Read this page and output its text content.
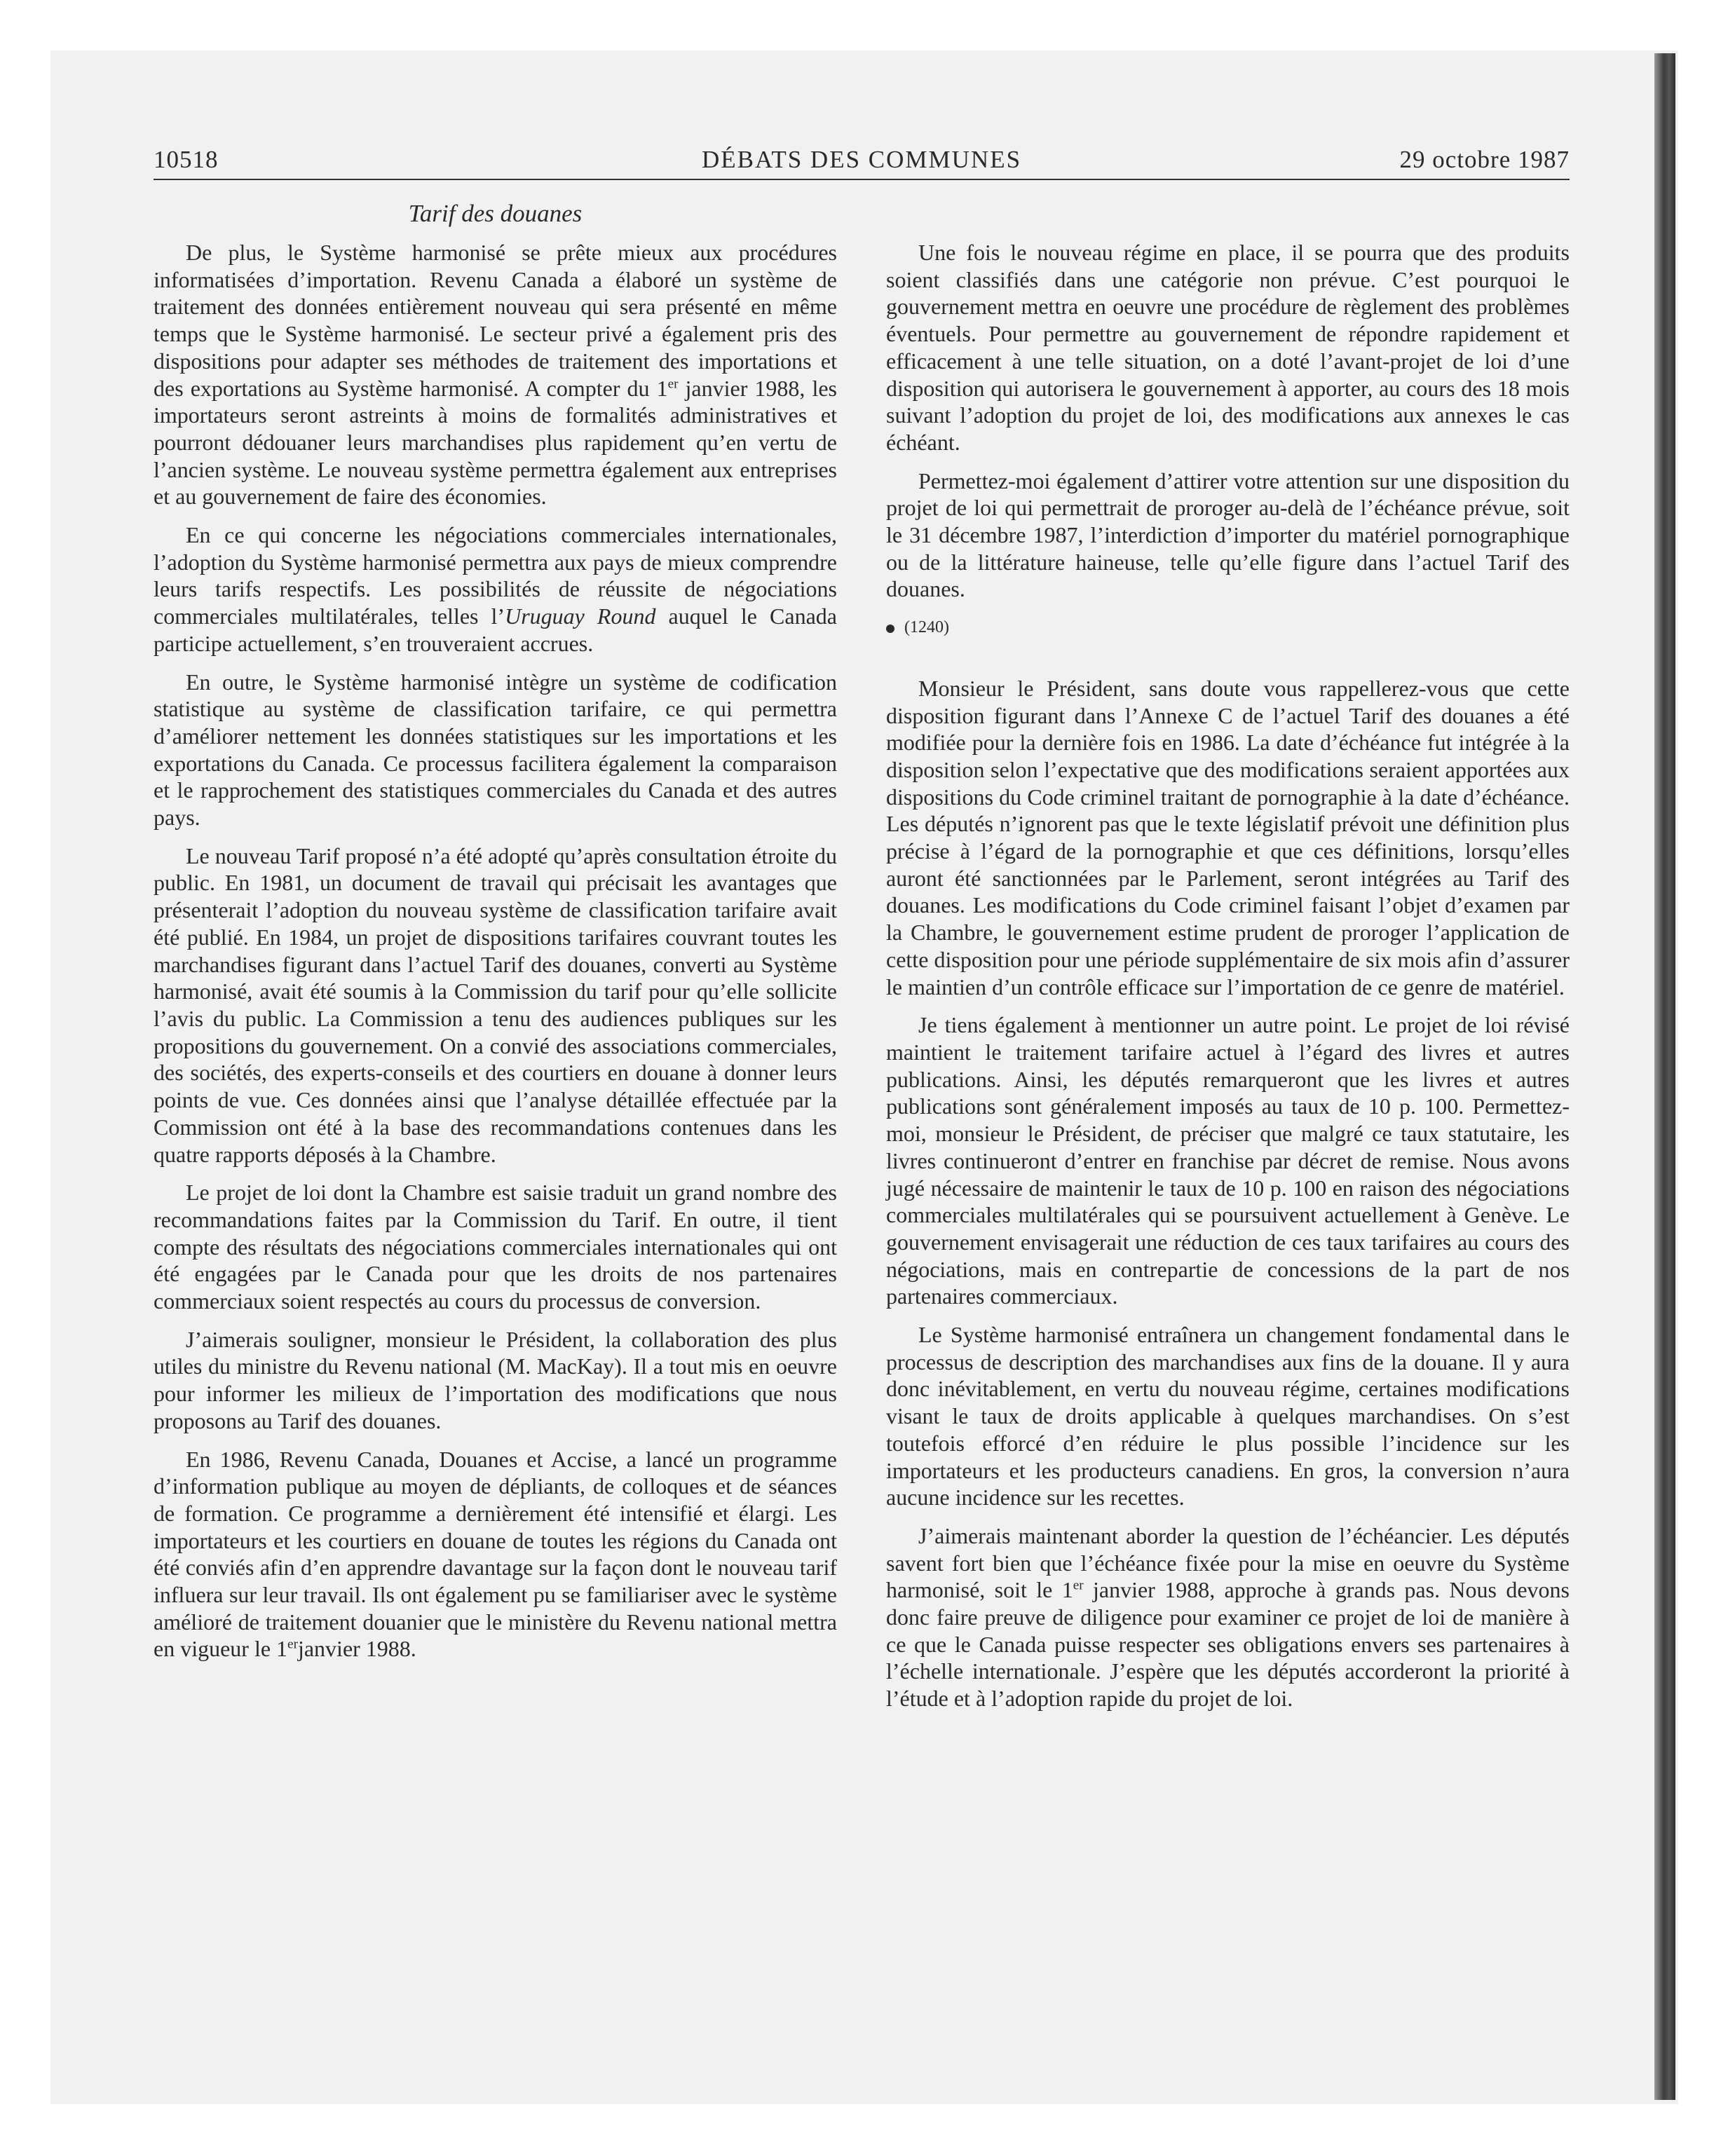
10518	DÉBATS DES COMMUNES	29 octobre 1987
Tarif des douanes

De plus, le Système harmonisé se prête mieux aux procédures informatisées d’importation. Revenu Canada a élaboré un système de traitement des données entièrement nouveau qui sera présenté en même temps que le Système harmonisé. Le secteur privé a également pris des dispositions pour adapter ses méthodes de traitement des importations et des exportations au Système harmonisé. A compter du 1er janvier 1988, les importateurs seront astreints à moins de formalités administratives et pourront dédouaner leurs marchandises plus rapidement qu’en vertu de l’ancien système. Le nouveau système permettra également aux entreprises et au gouvernement de faire des économies.

En ce qui concerne les négociations commerciales internationales, l’adoption du Système harmonisé permettra aux pays de mieux comprendre leurs tarifs respectifs. Les possibilités de réussite de négociations commerciales multilatérales, telles l’Uruguay Round auquel le Canada participe actuellement, s’en trouveraient accrues.

En outre, le Système harmonisé intègre un système de codification statistique au système de classification tarifaire, ce qui permettra d’améliorer nettement les données statistiques sur les importations et les exportations du Canada. Ce processus facilitera également la comparaison et le rapprochement des statistiques commerciales du Canada et des autres pays.

Le nouveau Tarif proposé n’a été adopté qu’après consultation étroite du public. En 1981, un document de travail qui précisait les avantages que présenterait l’adoption du nouveau système de classification tarifaire avait été publié. En 1984, un projet de dispositions tarifaires couvrant toutes les marchandises figurant dans l’actuel Tarif des douanes, converti au Système harmonisé, avait été soumis à la Commission du tarif pour qu’elle sollicite l’avis du public. La Commission a tenu des audiences publiques sur les propositions du gouvernement. On a convié des associations commerciales, des sociétés, des experts-conseils et des courtiers en douane à donner leurs points de vue. Ces données ainsi que l’analyse détaillée effectuée par la Commission ont été à la base des recommandations contenues dans les quatre rapports déposés à la Chambre.

Le projet de loi dont la Chambre est saisie traduit un grand nombre des recommandations faites par la Commission du Tarif. En outre, il tient compte des résultats des négociations commerciales internationales qui ont été engagées par le Canada pour que les droits de nos partenaires commerciaux soient respectés au cours du processus de conversion.

J’aimerais souligner, monsieur le Président, la collaboration des plus utiles du ministre du Revenu national (M. MacKay). Il a tout mis en oeuvre pour informer les milieux de l’importation des modifications que nous proposons au Tarif des douanes.

En 1986, Revenu Canada, Douanes et Accise, a lancé un programme d’information publique au moyen de dépliants, de colloques et de séances de formation. Ce programme a dernièrement été intensifié et élargi. Les importateurs et les courtiers en douane de toutes les régions du Canada ont été conviés afin d’en apprendre davantage sur la façon dont le nouveau tarif influera sur leur travail. Ils ont également pu se familiariser avec le système amélioré de traitement douanier que le ministère du Revenu national mettra en vigueur le 1erjanvier 1988.

Une fois le nouveau régime en place, il se pourra que des produits soient classifiés dans une catégorie non prévue. C’est pourquoi le gouvernement mettra en oeuvre une procédure de règlement des problèmes éventuels. Pour permettre au gouvernement de répondre rapidement et efficacement à une telle situation, on a doté l’avant-projet de loi d’une disposition qui autorisera le gouvernement à apporter, au cours des 18 mois suivant l’adoption du projet de loi, des modifications aux annexes le cas échéant.

Permettez-moi également d’attirer votre attention sur une disposition du projet de loi qui permettrait de proroger au-delà de l’échéance prévue, soit le 31 décembre 1987, l’interdiction d’importer du matériel pornographique ou de la littérature haineuse, telle qu’elle figure dans l’actuel Tarif des douanes.

(1240)

Monsieur le Président, sans doute vous rappellerez-vous que cette disposition figurant dans l’Annexe C de l’actuel Tarif des douanes a été modifiée pour la dernière fois en 1986. La date d’échéance fut intégrée à la disposition selon l’expectative que des modifications seraient apportées aux dispositions du Code criminel traitant de pornographie à la date d’échéance. Les députés n’ignorent pas que le texte législatif prévoit une définition plus précise à l’égard de la pornographie et que ces définitions, lorsqu’elles auront été sanctionnées par le Parlement, seront intégrées au Tarif des douanes. Les modifications du Code criminel faisant l’objet d’examen par la Chambre, le gouvernement estime prudent de proroger l’application de cette disposition pour une période supplémentaire de six mois afin d’assurer le maintien d’un contrôle efficace sur l’importation de ce genre de matériel.

Je tiens également à mentionner un autre point. Le projet de loi révisé maintient le traitement tarifaire actuel à l’égard des livres et autres publications. Ainsi, les députés remarqueront que les livres et autres publications sont généralement imposés au taux de 10 p. 100. Permettez-moi, monsieur le Président, de préciser que malgré ce taux statutaire, les livres continueront d’entrer en franchise par décret de remise. Nous avons jugé nécessaire de maintenir le taux de 10 p. 100 en raison des négociations commerciales multilatérales qui se poursuivent actuellement à Genève. Le gouvernement envisagerait une réduction de ces taux tarifaires au cours des négociations, mais en contrepartie de concessions de la part de nos partenaires commerciaux.

Le Système harmonisé entraînera un changement fondamental dans le processus de description des marchandises aux fins de la douane. Il y aura donc inévitablement, en vertu du nouveau régime, certaines modifications visant le taux de droits applicable à quelques marchandises. On s’est toutefois efforcé d’en réduire le plus possible l’incidence sur les importateurs et les producteurs canadiens. En gros, la conversion n’aura aucune incidence sur les recettes.

J’aimerais maintenant aborder la question de l’échéancier. Les députés savent fort bien que l’échéance fixée pour la mise en oeuvre du Système harmonisé, soit le 1er janvier 1988, approche à grands pas. Nous devons donc faire preuve de diligence pour examiner ce projet de loi de manière à ce que le Canada puisse respecter ses obligations envers ses partenaires à l’échelle internationale. J’espère que les députés accorderont la priorité à l’étude et à l’adoption rapide du projet de loi.
